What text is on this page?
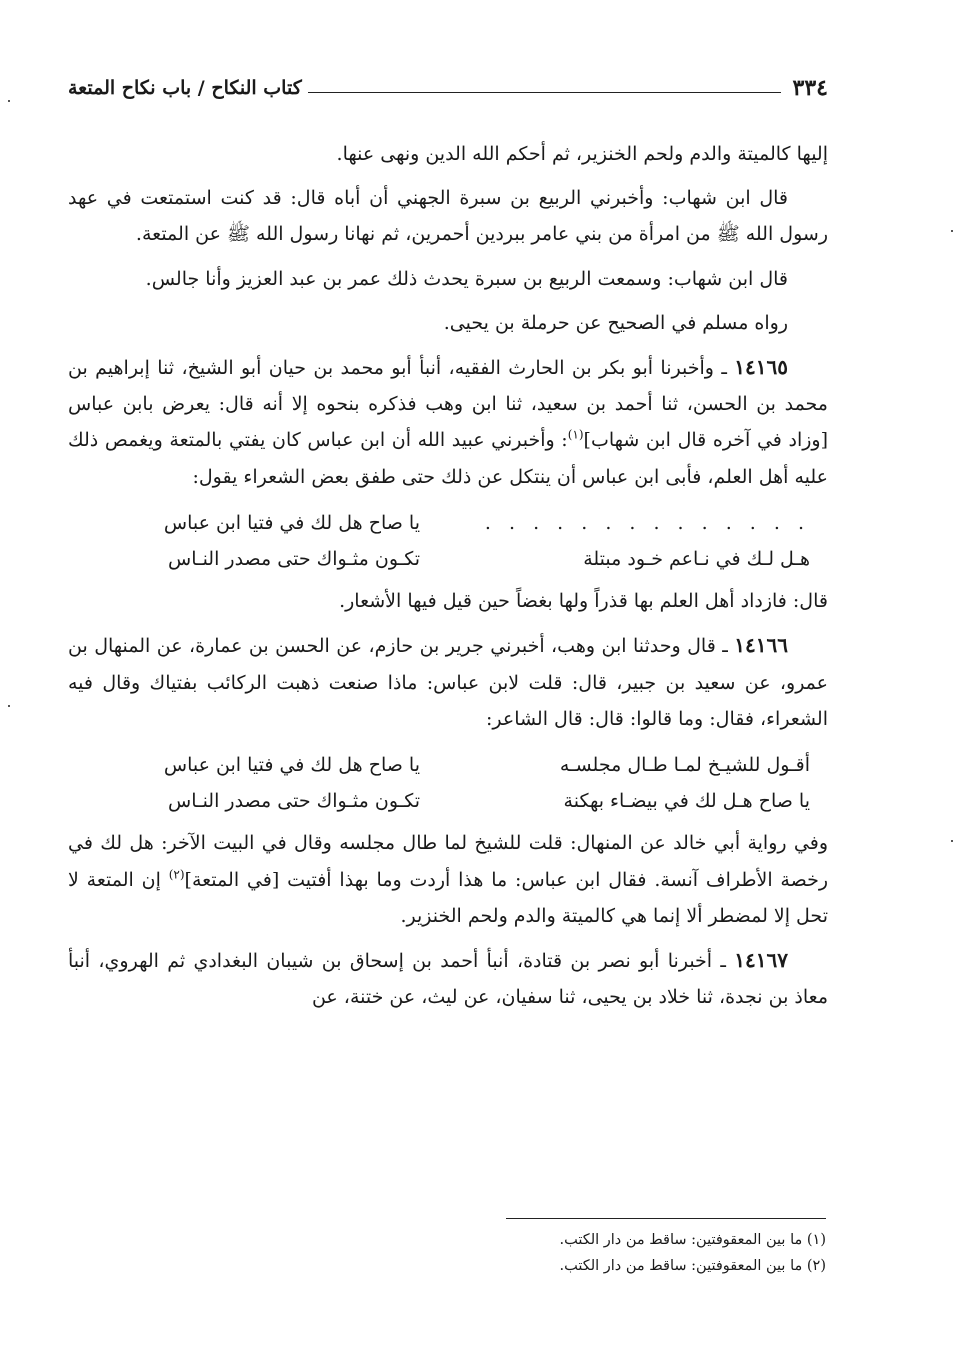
٣٣٤
كتاب النكاح / باب نكاح المتعة

إليها كالميتة والدم ولحم الخنزير، ثم أحكم الله الدين ونهى عنها.

قال ابن شهاب: وأخبرني الربيع بن سبرة الجهني أن أباه قال: قد كنت استمتعت في عهد رسول الله ﷺ من امرأة من بني عامر ببردين أحمرين، ثم نهانا رسول الله ﷺ عن المتعة.

قال ابن شهاب: وسمعت الربيع بن سبرة يحدث ذلك عمر بن عبد العزيز وأنا جالس.

رواه مسلم في الصحيح عن حرملة بن يحيى.

١٤١٦٥ ـ وأخبرنا أبو بكر بن الحارث الفقيه، أنبأ أبو محمد بن حيان أبو الشيخ، ثنا إبراهيم بن محمد بن الحسن، ثنا أحمد بن سعيد، ثنا ابن وهب فذكره بنحوه إلا أنه قال: يعرض بابن عباس [وزاد في آخره قال ابن شهاب]$^{(١)}$: وأخبرني عبيد الله أن ابن عباس كان يفتي بالمتعة ويغمص ذلك عليه أهل العلم، فأبى ابن عباس أن ينتكل عن ذلك حتى طفق بعض الشعراء يقول:

. . . . . . . . . . . . . .
يا صاح هل لك في فتيا ابن عباس
هـل لـك في نـاعم خـود مبتلة
تكـون مثـواك حتى مصدر النـاس

قال: فازداد أهل العلم بها قذراً ولها بغضاً حين قيل فيها الأشعار.

١٤١٦٦ ـ قال وحدثنا ابن وهب، أخبرني جرير بن حازم، عن الحسن بن عمارة، عن المنهال بن عمرو، عن سعيد بن جبير، قال: قلت لابن عباس: ماذا صنعت ذهبت الركائب بفتياك وقال فيه الشعراء، فقال: وما قالوا: قال: قال الشاعر:

أقـول للشيـخ لمـا طـال مجلسـه
يا صاح هل لك في فتيا ابن عباس
يا صاح هـل لك في بيضـاء بهكنة
تكـون مثـواك حتى مصدر النـاس

وفي رواية أبي خالد عن المنهال: قلت للشيخ لما طال مجلسه وقال في البيت الآخر: هل لك في رخصة الأطراف آنسة. فقال ابن عباس: ما هذا أردت وما بهذا أفتيت [في المتعة]$^{(٢)}$ إن المتعة لا تحل إلا لمضطر ألا إنما هي كالميتة والدم ولحم الخنزير.

١٤١٦٧ ـ أخبرنا أبو نصر بن قتادة، أنبأ أحمد بن إسحاق بن شيبان البغدادي ثم الهروي، أنبأ معاذ بن نجدة، ثنا خلاد بن يحيى، ثنا سفيان، عن ليث، عن ختنة، عن

(١) ما بين المعقوفتين: ساقط من دار الكتب.
(٢) ما بين المعقوفتين: ساقط من دار الكتب.
